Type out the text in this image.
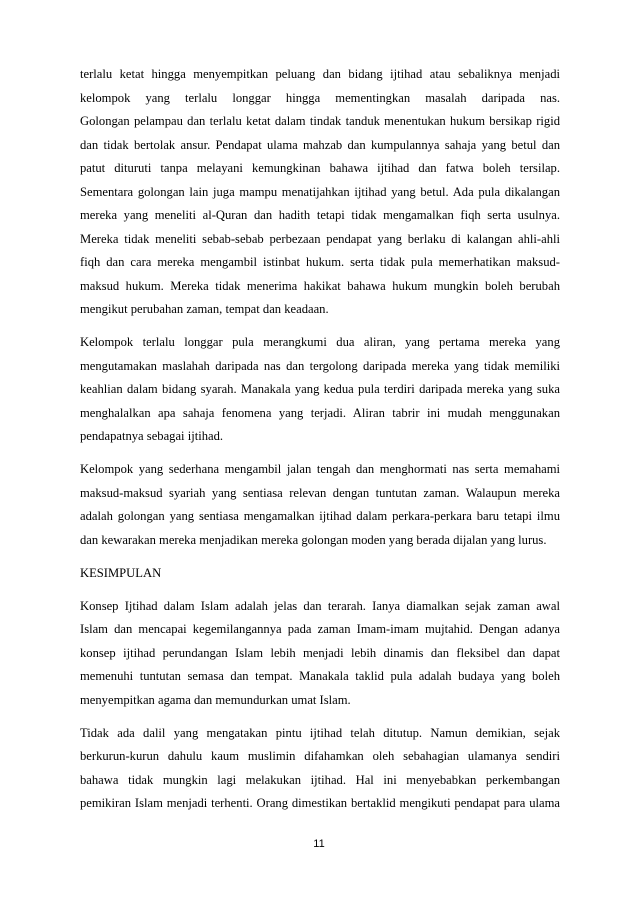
terlalu ketat hingga menyempitkan peluang dan bidang ijtihad atau sebaliknya menjadi
kelompok yang terlalu longgar hingga mementingkan masalah daripada nas.
Golongan pelampau dan terlalu ketat dalam tindak tanduk menentukan hukum bersikap rigid
dan tidak bertolak ansur. Pendapat ulama mahzab dan kumpulannya sahaja yang betul dan
patut dituruti tanpa melayani kemungkinan bahawa ijtihad dan fatwa boleh tersilap.
Sementara golongan lain juga mampu menatijahkan ijtihad yang betul. Ada pula dikalangan
mereka yang meneliti al-Quran dan hadith tetapi tidak mengamalkan fiqh serta usulnya.
Mereka tidak meneliti sebab-sebab perbezaan pendapat yang berlaku di kalangan ahli-ahli
fiqh dan cara mereka mengambil istinbat hukum. serta tidak pula memerhatikan maksud-
maksud hukum. Mereka tidak menerima hakikat bahawa hukum mungkin boleh berubah
mengikut perubahan zaman, tempat dan keadaan.
Kelompok terlalu longgar pula merangkumi dua aliran, yang pertama mereka yang
mengutamakan maslahah daripada nas dan tergolong daripada mereka yang tidak memiliki
keahlian dalam bidang syarah. Manakala yang kedua pula terdiri daripada mereka yang suka
menghalalkan apa sahaja fenomena yang terjadi. Aliran tabrir ini mudah menggunakan
pendapatnya sebagai ijtihad.
Kelompok yang sederhana mengambil jalan tengah dan menghormati nas serta memahami
maksud-maksud syariah yang sentiasa relevan dengan tuntutan zaman. Walaupun mereka
adalah golongan yang sentiasa mengamalkan ijtihad dalam perkara-perkara baru tetapi ilmu
dan kewarakan mereka menjadikan mereka golongan moden yang berada dijalan yang lurus.
KESIMPULAN
Konsep Ijtihad dalam Islam adalah jelas dan terarah. Ianya diamalkan sejak zaman awal
Islam dan mencapai kegemilangannya pada zaman Imam-imam mujtahid. Dengan adanya
konsep ijtihad perundangan Islam lebih menjadi lebih dinamis dan fleksibel dan dapat
memenuhi tuntutan semasa dan tempat. Manakala taklid pula adalah budaya yang boleh
menyempitkan agama dan memundurkan umat Islam.
Tidak ada dalil yang mengatakan pintu ijtihad telah ditutup. Namun demikian, sejak
berkurun-kurun dahulu kaum muslimin difahamkan oleh sebahagian ulamanya sendiri
bahawa tidak mungkin lagi melakukan ijtihad. Hal ini menyebabkan perkembangan
pemikiran Islam menjadi terhenti. Orang dimestikan bertaklid mengikuti pendapat para ulama
11
